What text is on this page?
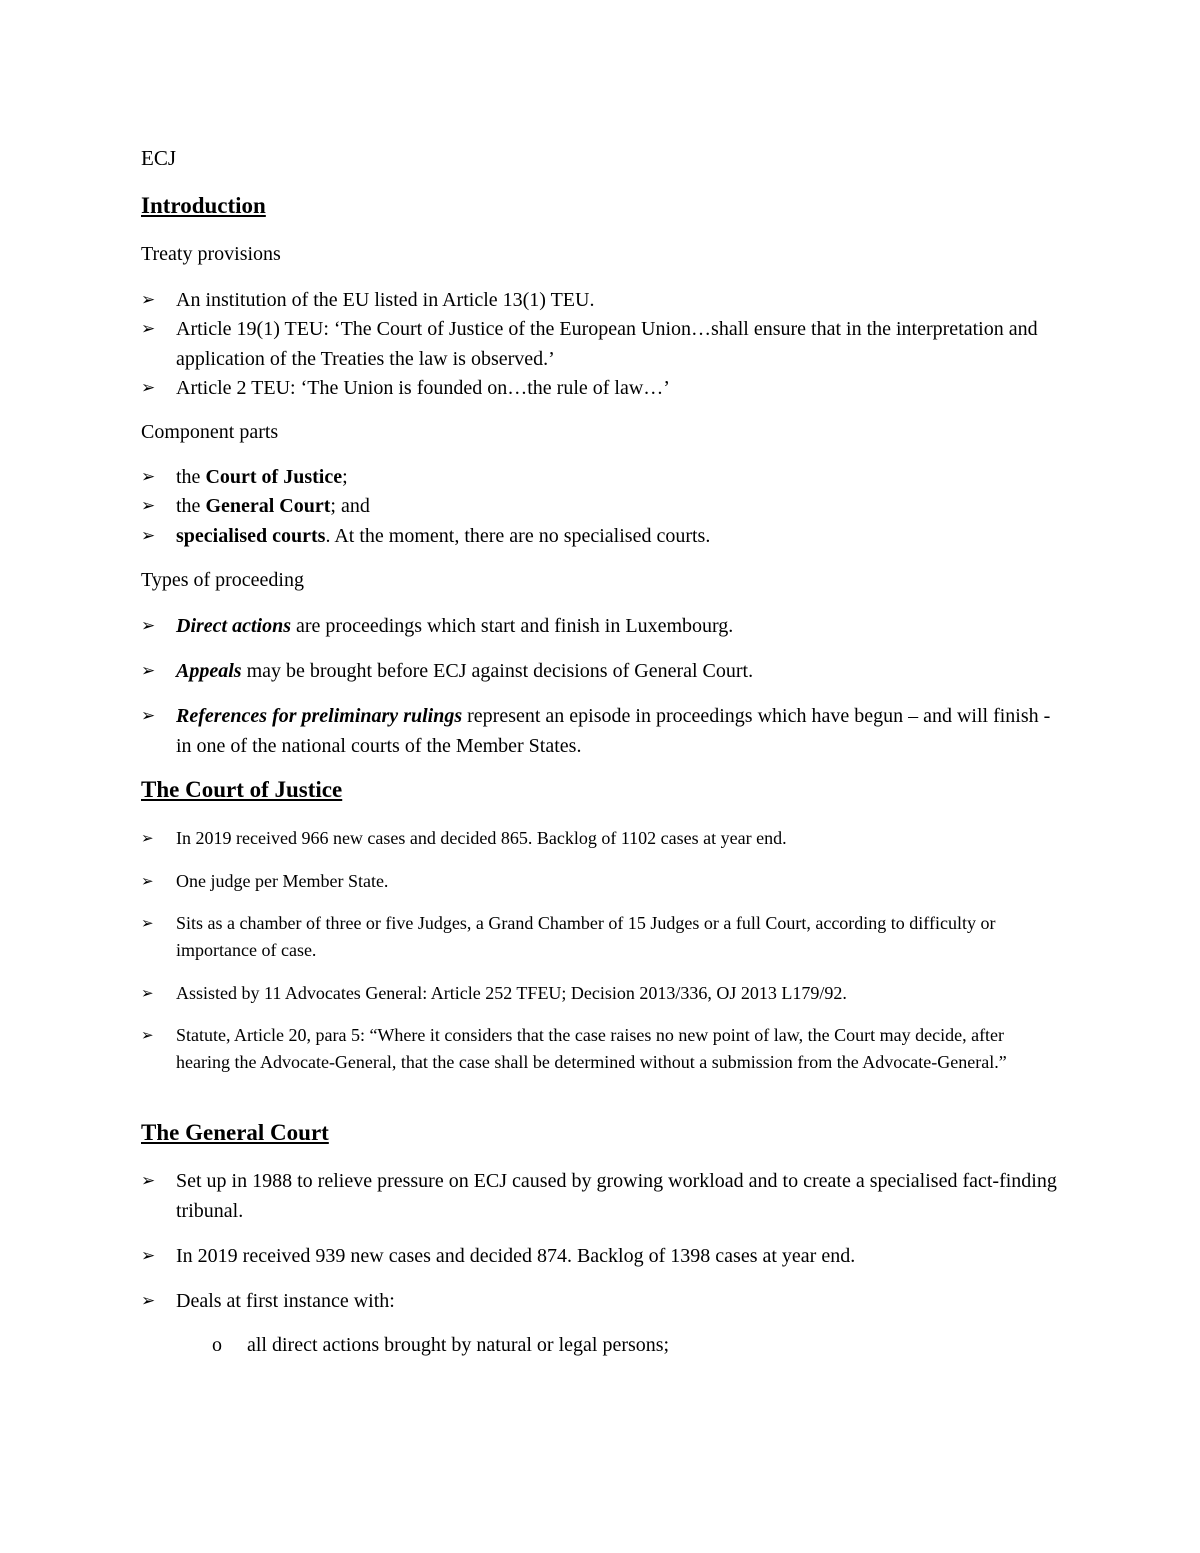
ECJ
Introduction
Treaty provisions
➢	An institution of the EU listed in Article 13(1) TEU.
➢	Article 19(1) TEU: ‘The Court of Justice of the European Union…shall ensure that in the interpretation and application of the Treaties the law is observed.’
➢	Article 2 TEU: ‘The Union is founded on…the rule of law…’
Component parts
➢	the Court of Justice;
➢	the General Court; and
➢	specialised courts. At the moment, there are no specialised courts.
Types of proceeding
➢	Direct actions are proceedings which start and finish in Luxembourg.
➢	Appeals may be brought before ECJ against decisions of General Court.
➢	References for preliminary rulings represent an episode in proceedings which have begun – and will finish - in one of the national courts of the Member States.
The Court of Justice
➢	In 2019 received 966 new cases and decided 865. Backlog of 1102 cases at year end.
➢	One judge per Member State.
➢	Sits as a chamber of three or five Judges, a Grand Chamber of 15 Judges or a full Court, according to difficulty or importance of case.
➢	Assisted by 11 Advocates General: Article 252 TFEU; Decision 2013/336, OJ 2013 L179/92.
➢	Statute, Article 20, para 5: “Where it considers that the case raises no new point of law, the Court may decide, after hearing the Advocate-General, that the case shall be determined without a submission from the Advocate-General.”
The General Court
➢	Set up in 1988 to relieve pressure on ECJ caused by growing workload and to create a specialised fact-finding tribunal.
➢	In 2019 received 939 new cases and decided 874. Backlog of 1398 cases at year end.
➢	Deals at first instance with:
o	all direct actions brought by natural or legal persons;
